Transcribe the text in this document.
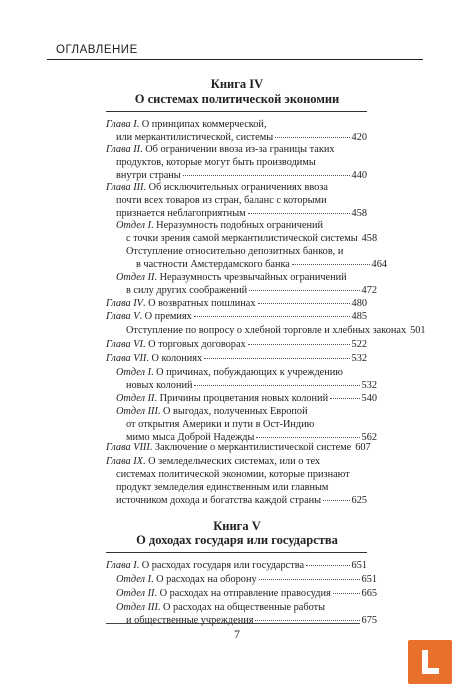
ОГЛАВЛЕНИЕ
Книга IV
О системах политической экономии
Глава I. О принципах коммерческой,
или меркантилистической, системы	420
Глава II. Об ограничении ввоза из-за границы таких
продуктов, которые могут быть производимы
внутри страны	440
Глава III. Об исключительных ограничениях ввоза
почти всех товаров из стран, баланс с которыми
признается неблагоприятным	458
Отдел I. Неразумность подобных ограничений
с точки зрения самой меркантилистической системы 458
Отступление относительно депозитных банков, и
в частности Амстердамского банка	464
Отдел II. Неразумность чрезвычайных ограничений
в силу других соображений	472
Глава IV. О возвратных пошлинах	480
Глава V. О премиях	485
Отступление по вопросу о хлебной торговле и хлебных законах 501
Глава VI. О торговых договорах	522
Глава VII. О колониях	532
Отдел I. О причинах, побуждающих к учреждению
новых колоний	532
Отдел II. Причины процветания новых колоний	540
Отдел III. О выгодах, полученных Европой
от открытия Америки и пути в Ост-Индию
мимо мыса Доброй Надежды	562
Глава VIII. Заключение о меркантилистической системе 607
Глава IX. О земледельческих системах, или о тех
системах политической экономии, которые признают
продукт земледелия единственным или главным
источником дохода и богатства каждой страны	625
Книга V
О доходах государя или государства
Глава I. О расходах государя или государства	651
Отдел I. О расходах на оборону	651
Отдел II. О расходах на отправление правосудия	665
Отдел III. О расходах на общественные работы
и общественные учреждения	675
7
